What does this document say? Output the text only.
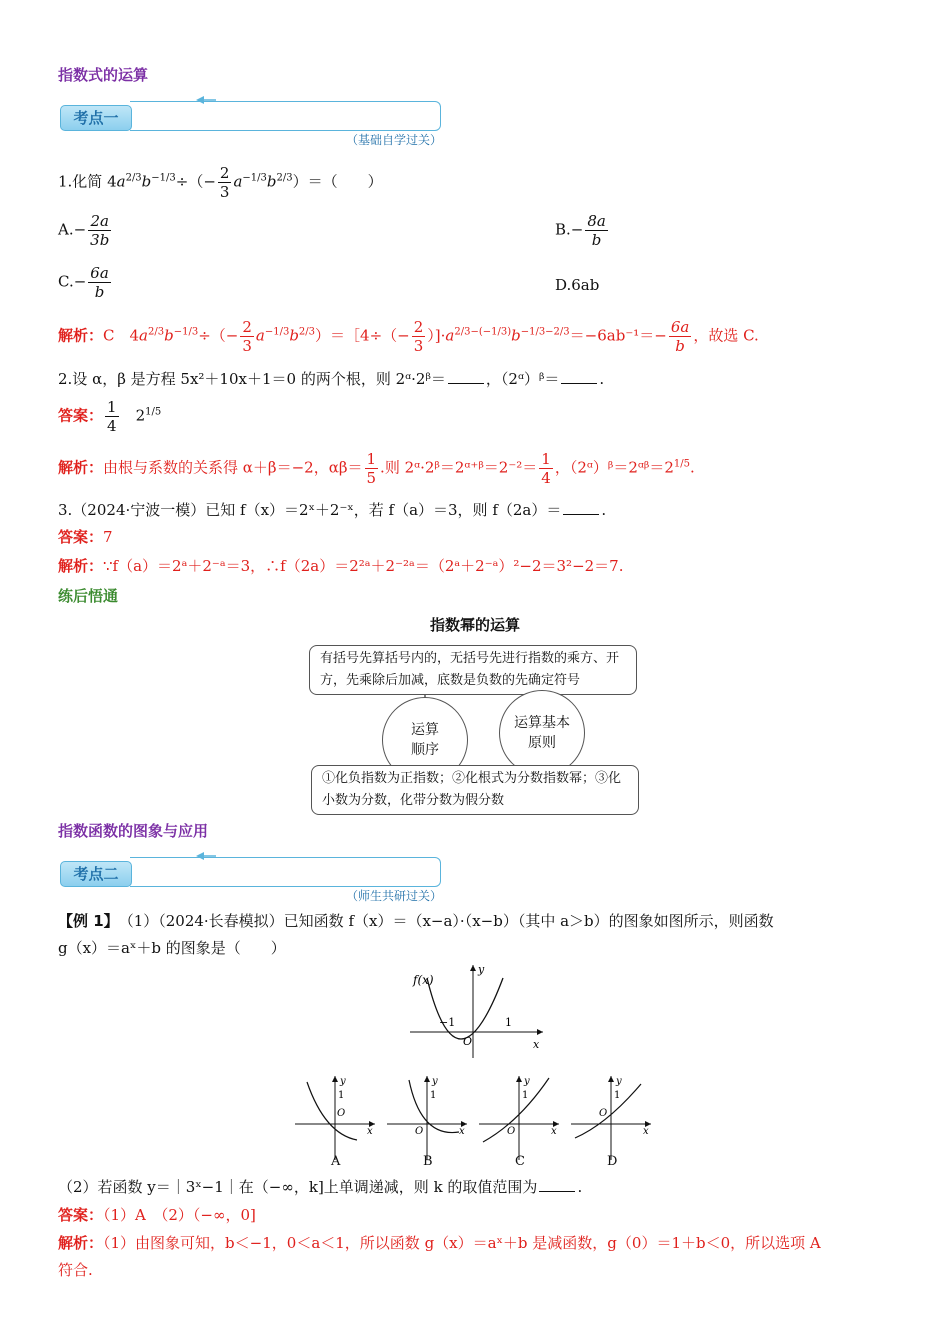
指数式的运算
考点一
（基础自学过关）
1.化简 $4a^{2/3}b^{-1/3}\div(- \frac{2}{3} a^{-1/3}b^{2/3})=$（　　）
$A.- \frac{2a}{3b}$	$B.- \frac{8a}{b}$
$C.- \frac{6a}{b}$	D.6ab
解析：C　$4a^{2/3}b^{-1/3}\div(- \frac{2}{3}$ $a^{-1/3}b^{2/3})=[4\div(- \frac{2}{3} )]\cdot a^{2/3-(-1/3)}b^{-1/3-2/3}=-6ab^{-1}=- \frac{6a}{b}$ ，故选 C.
2.设 α，β 是方程 5x²＋10x＋1＝0 的两个根，则 2ᵅ·2ᵝ＝	，（2ᵅ）ᵝ＝	.
答案： $\frac{1}{4}$
　 $2^{1/5}$
解析：由根与系数的关系得 α＋β＝−2，$\alpha\beta= \frac{1}{5}$ .则 2ᵅ·2ᵝ＝2ᵅ⁺ᵝ＝2⁻²＝ $\frac{1}{4}$ ，$(2ᵅ)ᵝ=2ᵅᵝ=2^{1/5}$.
3.（2024·宁波一模）已知 f（x）＝2ˣ＋2⁻ˣ，若 f（a）＝3，则 f（2a）＝	.
答案：7
解析：∵f（a）＝2ᵃ＋2⁻ᵃ＝3，∴f（2a）＝2²ᵃ＋2⁻²ᵃ＝（2ᵃ＋2⁻ᵃ）²−2＝3²−2＝7.
练后悟通
指数幂的运算
有括号先算括号内的，无括号先进行指数的乘方、开方，先乘除后加减，底数是负数的先确定符号
运算顺序
运算基本原则
①化负指数为正指数；②化根式为分数指数幂；③化小数为分数，化带分数为假分数
指数函数的图象与应用
考点二
（师生共研过关）
【例 1】　 （1）（2024·长春模拟）已知函数 f（x）＝（x−a）·（x−b）（其中 a＞b）的图象如图所示，则函数
g（x）＝aˣ＋b 的图象是（　　）
f(x)
y
x
O
−1	1
y
x
1
O
y
x
1
O
y
x
1
O
y
x
1
O
A	B	C	D
（2）若函数 y＝｜3ˣ−1｜在（−∞，k]上单调递减，则 k 的取值范围为	.
答案：（1）A　（2）（−∞，0]
解析：（1）由图象可知，b＜−1，0＜a＜1，所以函数 g（x）＝aˣ＋b 是减函数，g（0）＝1＋b＜0，所以选项 A
符合.
